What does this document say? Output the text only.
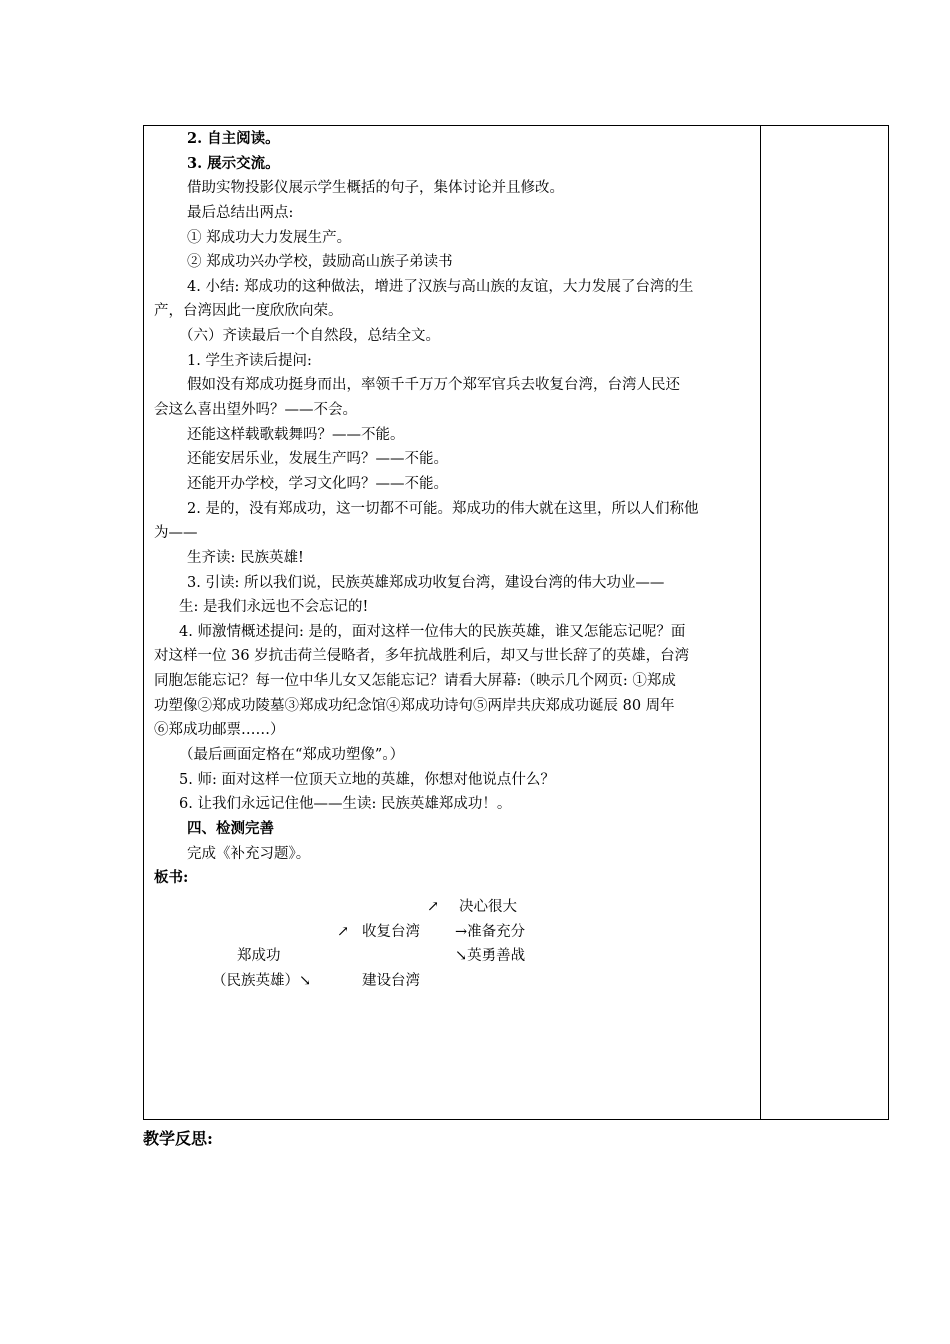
2. 自主阅读。
3. 展示交流。
借助实物投影仪展示学生概括的句子，集体讨论并且修改。
最后总结出两点:
① 郑成功大力发展生产。
② 郑成功兴办学校，鼓励高山族子弟读书
4. 小结: 郑成功的这种做法，增进了汉族与高山族的友谊，大力发展了台湾的生
产，台湾因此一度欣欣向荣。
（六）齐读最后一个自然段，总结全文。
1. 学生齐读后提问:
假如没有郑成功挺身而出，率领千千万万个郑军官兵去收复台湾，台湾人民还
会这么喜出望外吗？——不会。
还能这样载歌载舞吗？——不能。
还能安居乐业，发展生产吗？——不能。
还能开办学校，学习文化吗？——不能。
2. 是的，没有郑成功，这一切都不可能。郑成功的伟大就在这里，所以人们称他
为——
生齐读: 民族英雄!
3. 引读: 所以我们说，民族英雄郑成功收复台湾，建设台湾的伟大功业——
生: 是我们永远也不会忘记的!
4. 师激情概述提问: 是的，面对这样一位伟大的民族英雄，谁又怎能忘记呢？面
对这样一位 36 岁抗击荷兰侵略者，多年抗战胜利后，却又与世长辞了的英雄，台湾
同胞怎能忘记？每一位中华儿女又怎能忘记？请看大屏幕:（映示几个网页: ①郑成
功塑像②郑成功陵墓③郑成功纪念馆④郑成功诗句⑤两岸共庆郑成功诞辰 80 周年
⑥郑成功邮票……）
（最后画面定格在“郑成功塑像”。）
5. 师: 面对这样一位顶天立地的英雄，你想对他说点什么？
6. 让我们永远记住他——生读: 民族英雄郑成功！。
四、检测完善
完成《补充习题》。
板书:
↗ 决心很大
↗ 收复台湾 →准备充分
郑成功	↘英勇善战
（民族英雄）↘	建设台湾
教学反思:
